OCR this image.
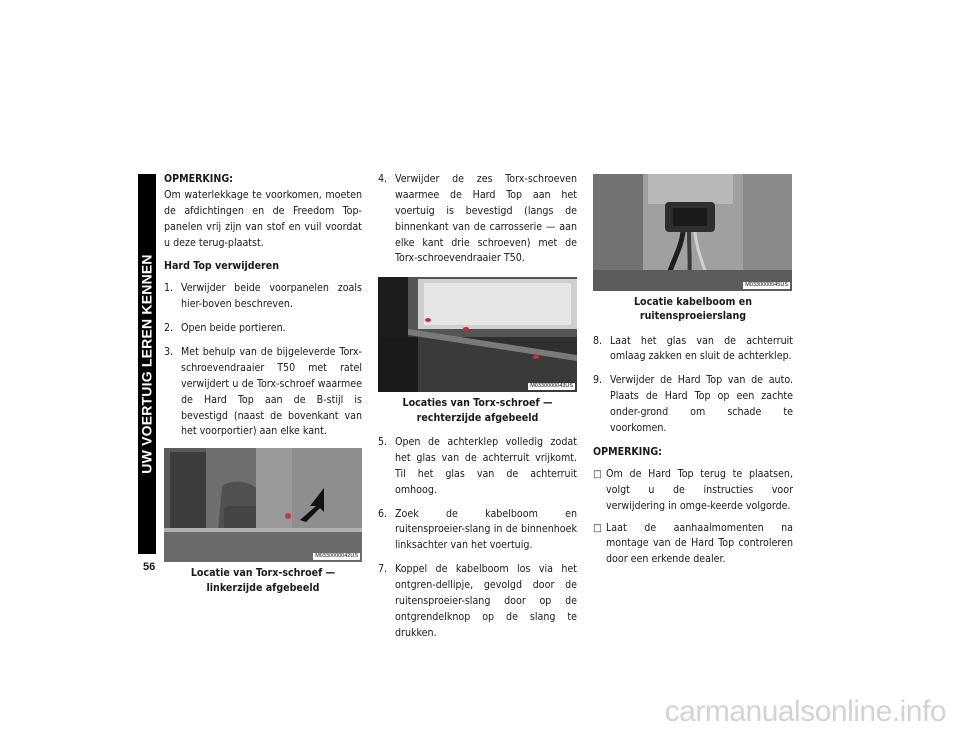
UW VOERTUIG LEREN KENNEN
56

OPMERKING:

Om waterlekkage te voorkomen, moeten de afdichtingen en de Freedom Top-panelen vrij zijn van stof en vuil voordat u deze terug-plaatst.

Hard Top verwijderen

1. Verwijder beide voorpanelen zoals hier-boven beschreven.
2. Open beide portieren.
3. Met behulp van de bijgeleverde Torx-schroevendraaier T50 met ratel verwijdert u de Torx-schroef waarmee de Hard Top aan de B-stijl is bevestigd (naast de bovenkant van het voorportier) aan elke kant.
M0330000042US

Locatie van Torx-schroef — linkerzijde afgebeeld

4. Verwijder de zes Torx-schroeven waarmee de Hard Top aan het voertuig is bevestigd (langs de binnenkant van de carrosserie — aan elke kant drie schroeven) met de Torx-schroevendraaier T50.
M0330000043US

Locaties van Torx-schroef — rechterzijde afgebeeld

5. Open de achterklep volledig zodat het glas van de achterruit vrijkomt. Til het glas van de achterruit omhoog.
6. Zoek de kabelboom en ruitensproeier-slang in de binnenhoek linksachter van het voertuig.
7. Koppel de kabelboom los via het ontgren-dellipje, gevolgd door de ruitensproeier-slang door op de ontgrendelknop op de slang te drukken.
M0330000045US

Locatie kabelboom en ruitensproeierslang

8. Laat het glas van de achterruit omlaag zakken en sluit de achterklep.
9. Verwijder de Hard Top van de auto. Plaats de Hard Top op een zachte onder-grond om schade te voorkomen.

OPMERKING:

□ Om de Hard Top terug te plaatsen, volgt u de instructies voor verwijdering in omge-keerde volgorde.
□ Laat de aanhaalmomenten na montage van de Hard Top controleren door een erkende dealer.
carmanualsonline.info
